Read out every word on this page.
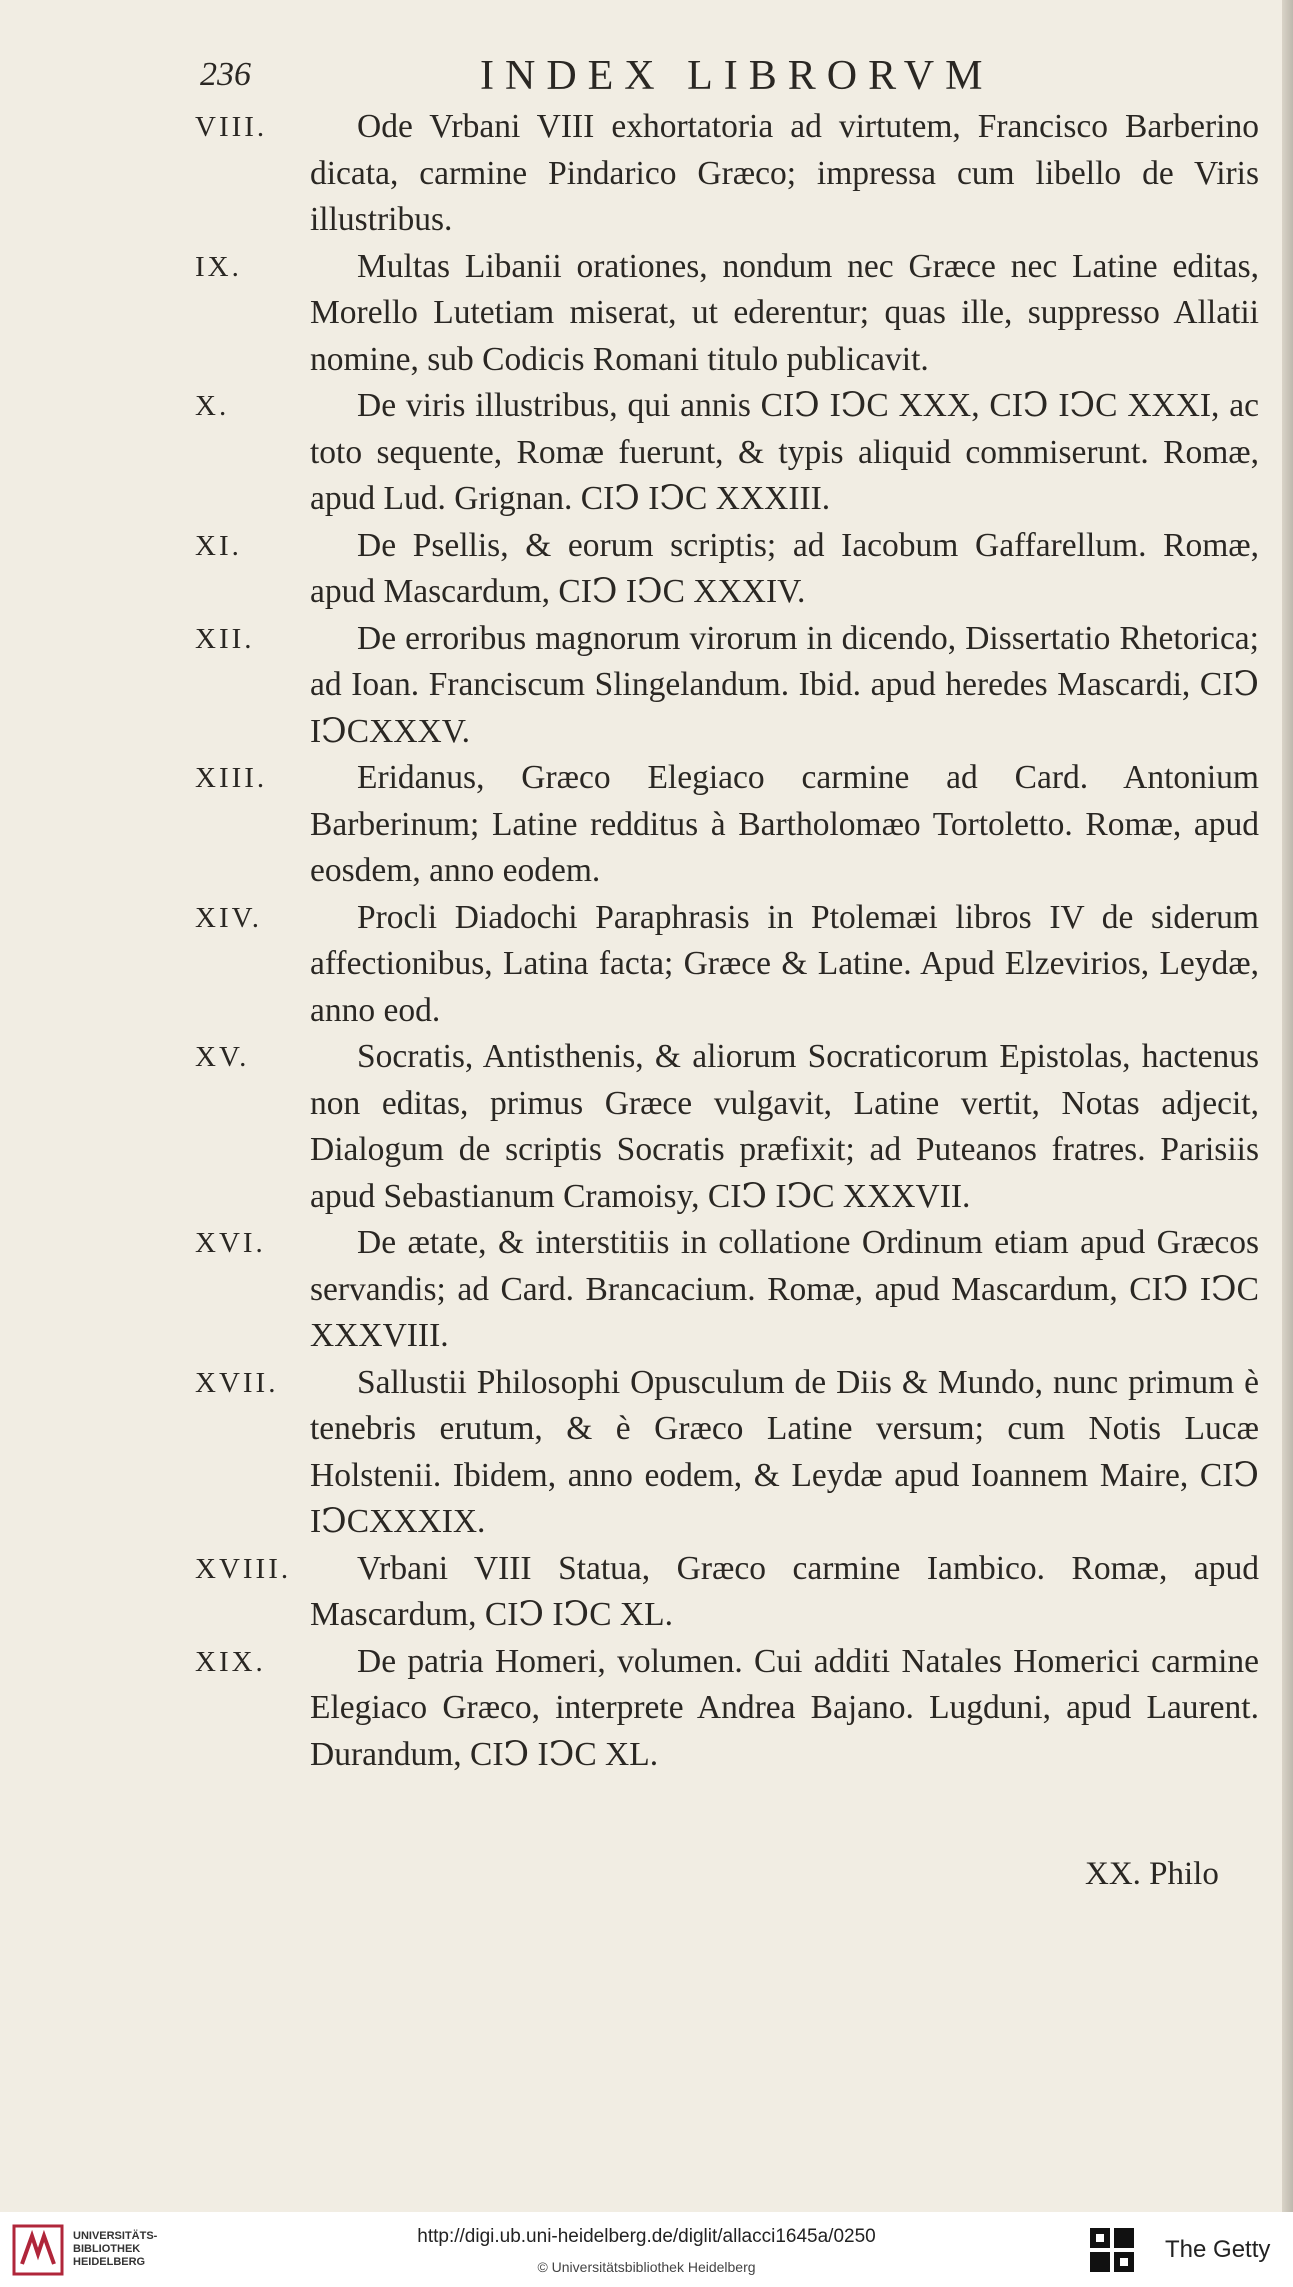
236	INDEX LIBRORVM
VIII.	Ode Vrbani VIII exhortatoria ad virtutem, Francisco Barberino dicata, carmine Pindarico Græco; impressa cum libello de Viris illustribus.
IX.	Multas Libanii orationes, nondum nec Græce nec Latine editas, Morello Lutetiam miserat, ut ederentur; quas ille, suppresso Allatii nomine, sub Codicis Romani titulo publicavit.
X.	De viris illustribus, qui annis CIↃ IↃC XXX, CIↃ IↃC XXXI, ac toto sequente, Romæ fuerunt, & typis aliquid commiserunt. Romæ, apud Lud. Grignan. CIↃ IↃC XXXIII.
XI.	De Psellis, & eorum scriptis; ad Iacobum Gaffarellum. Romæ, apud Mascardum, CIↃ IↃC XXXIV.
XII.	De erroribus magnorum virorum in dicendo, Dissertatio Rhetorica; ad Ioan. Franciscum Slingelandum. Ibid. apud heredes Mascardi, CIↃ IↃCXXXV.
XIII.	Eridanus, Græco Elegiaco carmine ad Card. Antonium Barberinum; Latine redditus à Bartholomæo Tortoletto. Romæ, apud eosdem, anno eodem.
XIV.	Procli Diadochi Paraphrasis in Ptolemæi libros IV de siderum affectionibus, Latina facta; Græce & Latine. Apud Elzevirios, Leydæ, anno eod.
XV.	Socratis, Antisthenis, & aliorum Socraticorum Epistolas, hactenus non editas, primus Græce vulgavit, Latine vertit, Notas adjecit, Dialogum de scriptis Socratis præfixit; ad Puteanos fratres. Parisiis apud Sebastianum Cramoisy, CIↃ IↃC XXXVII.
XVI.	De ætate, & interstitiis in collatione Ordinum etiam apud Græcos servandis; ad Card. Brancacium. Romæ, apud Mascardum, CIↃ IↃC XXXVIII.
XVII.	Sallustii Philosophi Opusculum de Diis & Mundo, nunc primum è tenebris erutum, & è Græco Latine versum; cum Notis Lucæ Holstenii. Ibidem, anno eodem, & Leydæ apud Ioannem Maire, CIↃ IↃCXXXIX.
XVIII.	Vrbani VIII Statua, Græco carmine Iambico. Romæ, apud Mascardum, CIↃ IↃC XL.
XIX.	De patria Homeri, volumen. Cui additi Natales Homerici carmine Elegiaco Græco, interprete Andrea Bajano. Lugduni, apud Laurent. Durandum, CIↃ IↃC XL.
XX. Philo
UNIVERSITÄTS-BIBLIOTHEK HEIDELBERG
http://digi.ub.uni-heidelberg.de/diglit/allacci1645a/0250
© Universitätsbibliothek Heidelberg
The Getty
